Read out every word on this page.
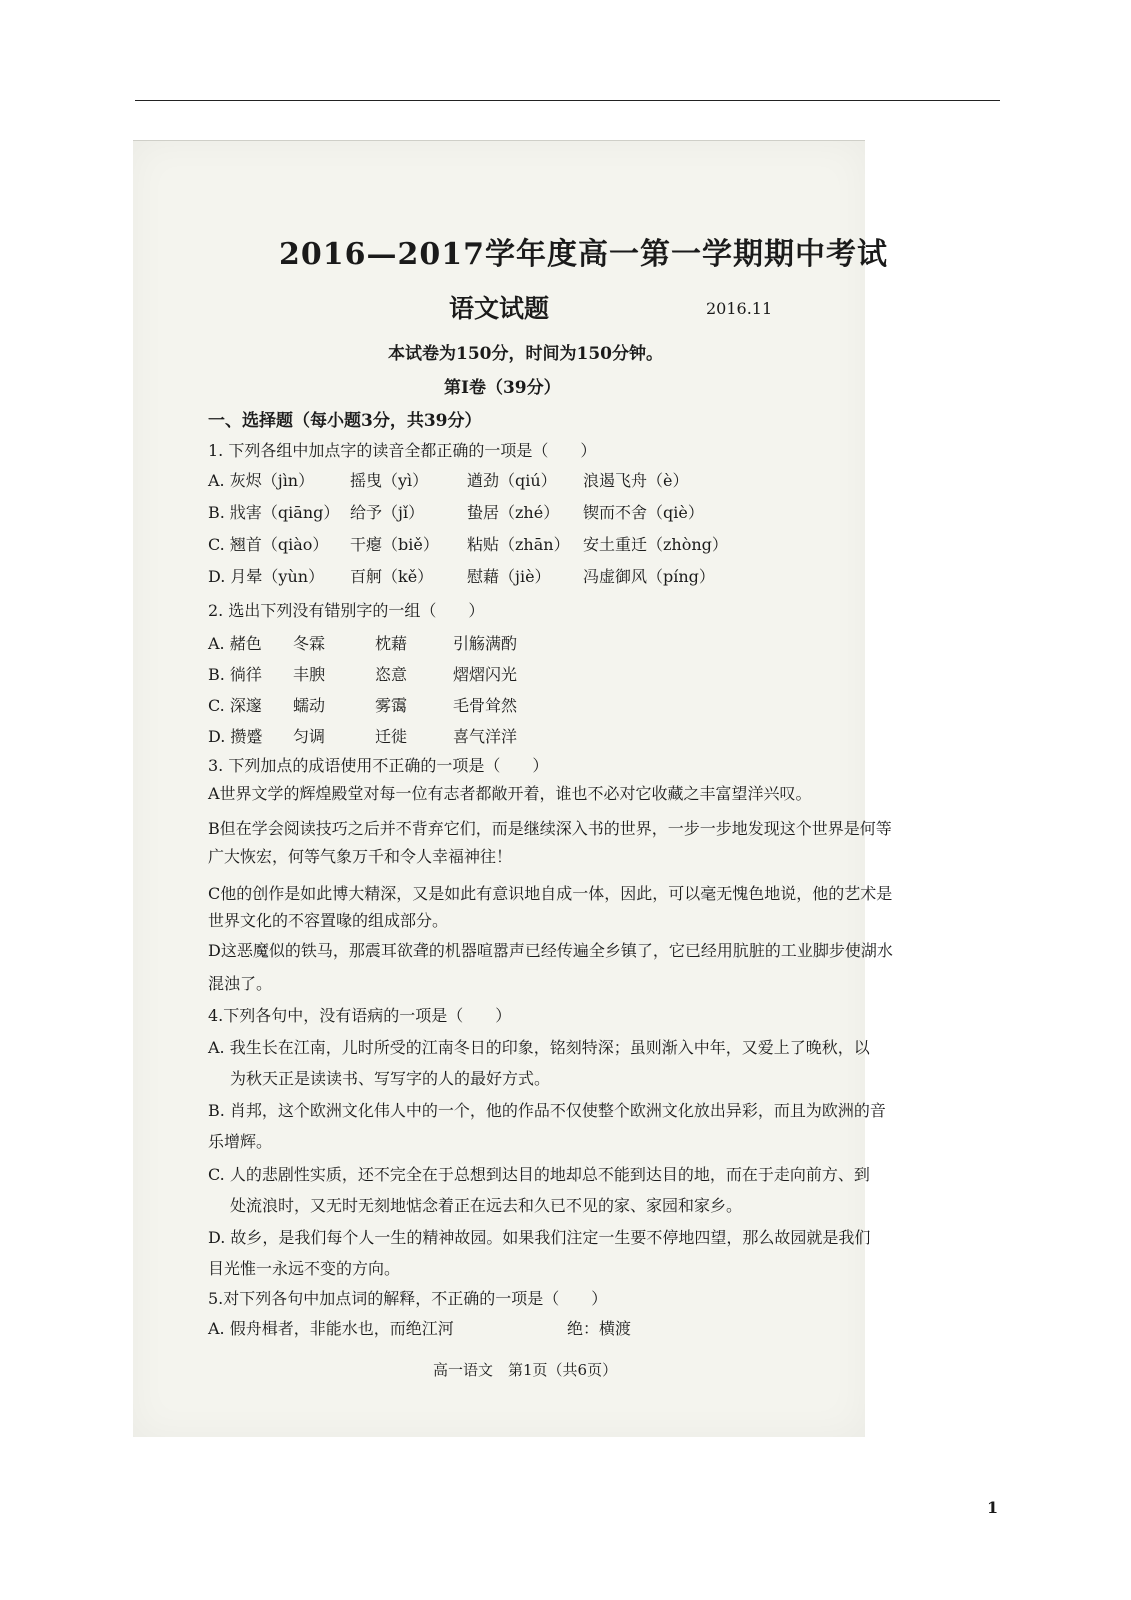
2016—2017学年度高一第一学期期中考试
语文试题	2016.11
本试卷为150分，时间为150分钟。
第Ⅰ卷（39分）
一、选择题（每小题3分，共39分）
1. 下列各组中加点字的读音全都正确的一项是（　　）
A. 灰烬（jìn） 摇曳（yì） 遒劲（qiú） 浪遏飞舟（è）
B. 戕害（qiāng） 给予（jǐ）	蛰居（zhé） 锲而不舍（qiè）
C. 翘首（qiào） 干瘪（biě） 粘贴（zhān） 安土重迁（zhòng）
D. 月晕（yùn） 百舸（kě） 慰藉（jiè） 冯虚御风（píng）
2. 选出下列没有错别字的一组（　　）
A. 赭色 冬霖	枕藉	引觞满酌
B. 徜徉 丰腴	恣意	熠熠闪光
C. 深邃 蠕动	雾霭	毛骨耸然
D. 攒蹙 匀调	迁徙	喜气洋洋
3. 下列加点的成语使用不正确的一项是（　　）
A世界文学的辉煌殿堂对每一位有志者都敞开着，谁也不必对它收藏之丰富望洋兴叹。
B但在学会阅读技巧之后并不背弃它们，而是继续深入书的世界，一步一步地发现这个世界是何等
广大恢宏，何等气象万千和令人幸福神往！
C他的创作是如此博大精深，又是如此有意识地自成一体，因此，可以毫无愧色地说，他的艺术是
世界文化的不容置喙的组成部分。
D这恶魔似的铁马，那震耳欲聋的机器喧嚣声已经传遍全乡镇了，它已经用肮脏的工业脚步使湖水
混浊了。
4.下列各句中，没有语病的一项是（　　）
A. 我生长在江南，儿时所受的江南冬日的印象，铭刻特深；虽则渐入中年，又爱上了晚秋，以
为秋天正是读读书、写写字的人的最好方式。
B. 肖邦，这个欧洲文化伟人中的一个，他的作品不仅使整个欧洲文化放出异彩，而且为欧洲的音
乐增辉。
C. 人的悲剧性实质，还不完全在于总想到达目的地却总不能到达目的地，而在于走向前方、到
处流浪时，又无时无刻地惦念着正在远去和久已不见的家、家园和家乡。
D. 故乡，是我们每个人一生的精神故园。如果我们注定一生要不停地四望，那么故园就是我们
目光惟一永远不变的方向。
5.对下列各句中加点词的解释，不正确的一项是（　　）
A. 假舟楫者，非能水也，而绝江河	绝：横渡
高一语文　第1页（共6页）
1
